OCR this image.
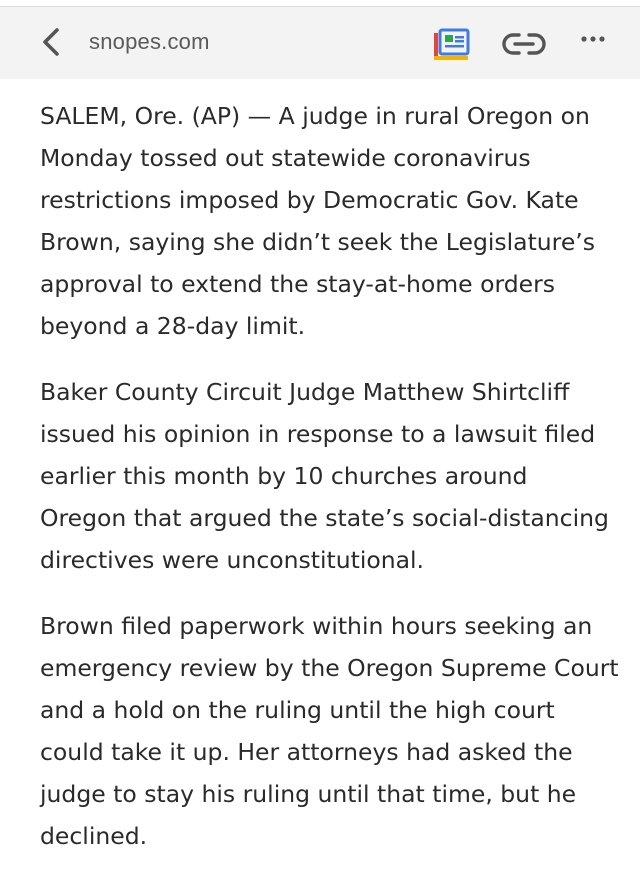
snopes.com

SALEM, Ore. (AP) — A judge in rural Oregon on Monday tossed out statewide coronavirus restrictions imposed by Democratic Gov. Kate Brown, saying she didn’t seek the Legislature’s approval to extend the stay-at-home orders beyond a 28-day limit.

Baker County Circuit Judge Matthew Shirtcliff issued his opinion in response to a lawsuit filed earlier this month by 10 churches around Oregon that argued the state’s social-distancing directives were unconstitutional.

Brown filed paperwork within hours seeking an emergency review by the Oregon Supreme Court and a hold on the ruling until the high court could take it up. Her attorneys had asked the judge to stay his ruling until that time, but he declined.
